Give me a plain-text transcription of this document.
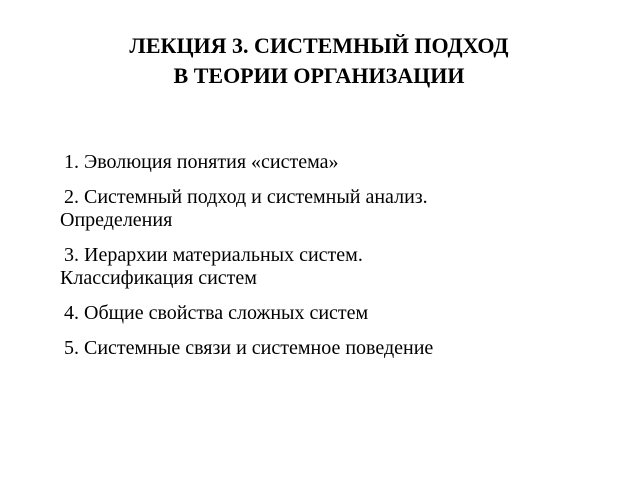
ЛЕКЦИЯ 3. СИСТЕМНЫЙ ПОДХОД
В ТЕОРИИ ОРГАНИЗАЦИИ
1. Эволюция понятия «система»
2. Системный подход и системный анализ.
Определения
3. Иерархии материальных систем.
Классификация систем
4. Общие свойства сложных систем
5. Системные связи и системное поведение
